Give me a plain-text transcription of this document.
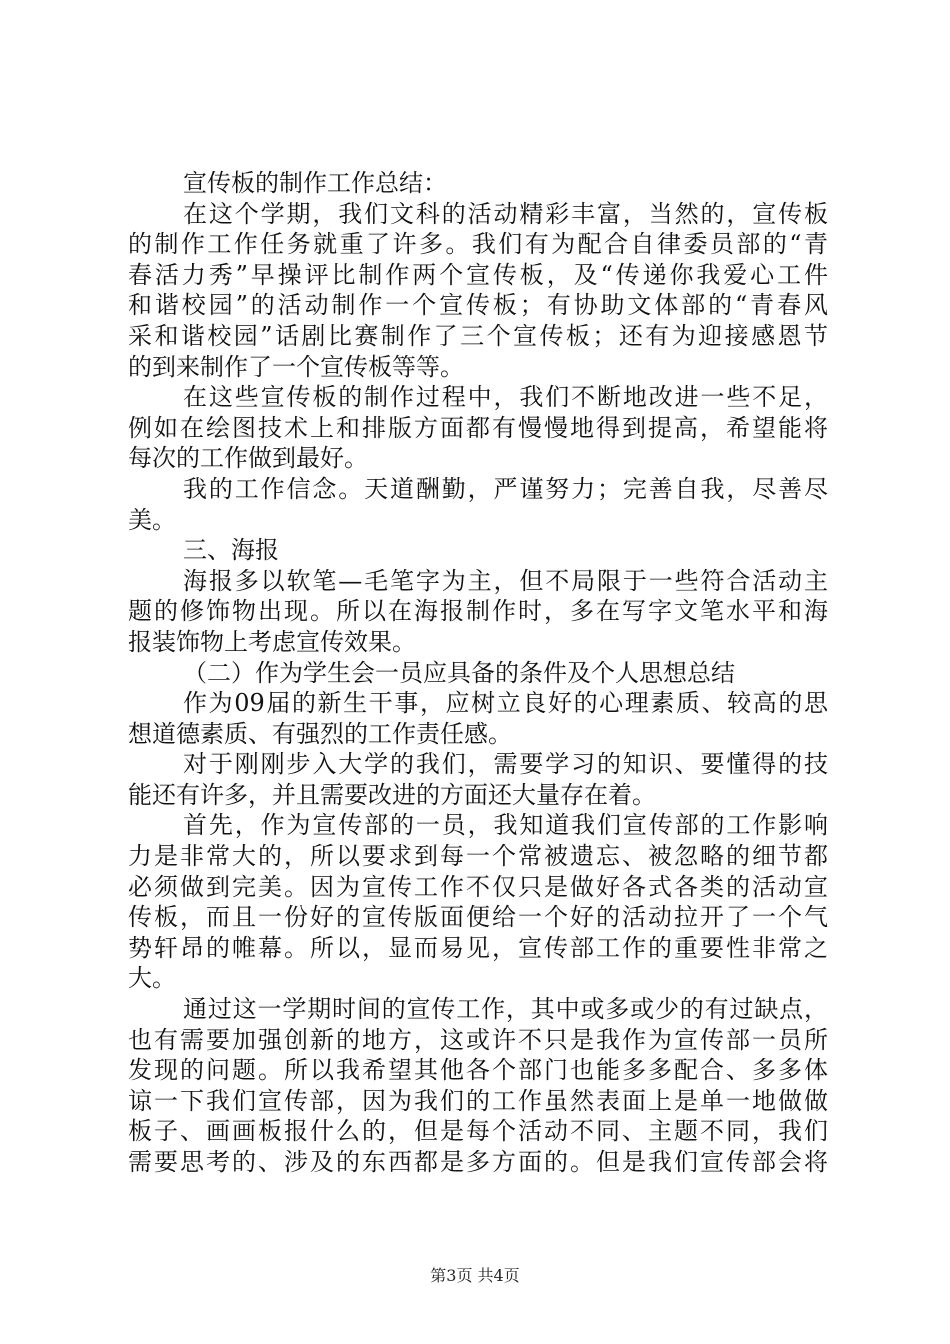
宣传板的制作工作总结：
在这个学期，我们文科的活动精彩丰富，当然的，宣传板
的制作工作任务就重了许多。我们有为配合自律委员部的“青
春活力秀”早操评比制作两个宣传板，及“传递你我爱心工件
和谐校园”的活动制作一个宣传板；有协助文体部的“青春风
采和谐校园”话剧比赛制作了三个宣传板；还有为迎接感恩节
的到来制作了一个宣传板等等。
在这些宣传板的制作过程中，我们不断地改进一些不足，
例如在绘图技术上和排版方面都有慢慢地得到提高，希望能将
每次的工作做到最好。
我的工作信念。天道酬勤，严谨努力；完善自我，尽善尽
美。
三、海报
海报多以软笔—毛笔字为主，但不局限于一些符合活动主
题的修饰物出现。所以在海报制作时，多在写字文笔水平和海
报装饰物上考虑宣传效果。
（二）作为学生会一员应具备的条件及个人思想总结
作为09届的新生干事，应树立良好的心理素质、较高的思
想道德素质、有强烈的工作责任感。
对于刚刚步入大学的我们，需要学习的知识、要懂得的技
能还有许多，并且需要改进的方面还大量存在着。
首先，作为宣传部的一员，我知道我们宣传部的工作影响
力是非常大的，所以要求到每一个常被遗忘、被忽略的细节都
必须做到完美。因为宣传工作不仅只是做好各式各类的活动宣
传板，而且一份好的宣传版面便给一个好的活动拉开了一个气
势轩昂的帷幕。所以，显而易见，宣传部工作的重要性非常之
大。
通过这一学期时间的宣传工作，其中或多或少的有过缺点，
也有需要加强创新的地方，这或许不只是我作为宣传部一员所
发现的问题。所以我希望其他各个部门也能多多配合、多多体
谅一下我们宣传部，因为我们的工作虽然表面上是单一地做做
板子、画画板报什么的，但是每个活动不同、主题不同，我们
需要思考的、涉及的东西都是多方面的。但是我们宣传部会将
第3页 共4页
